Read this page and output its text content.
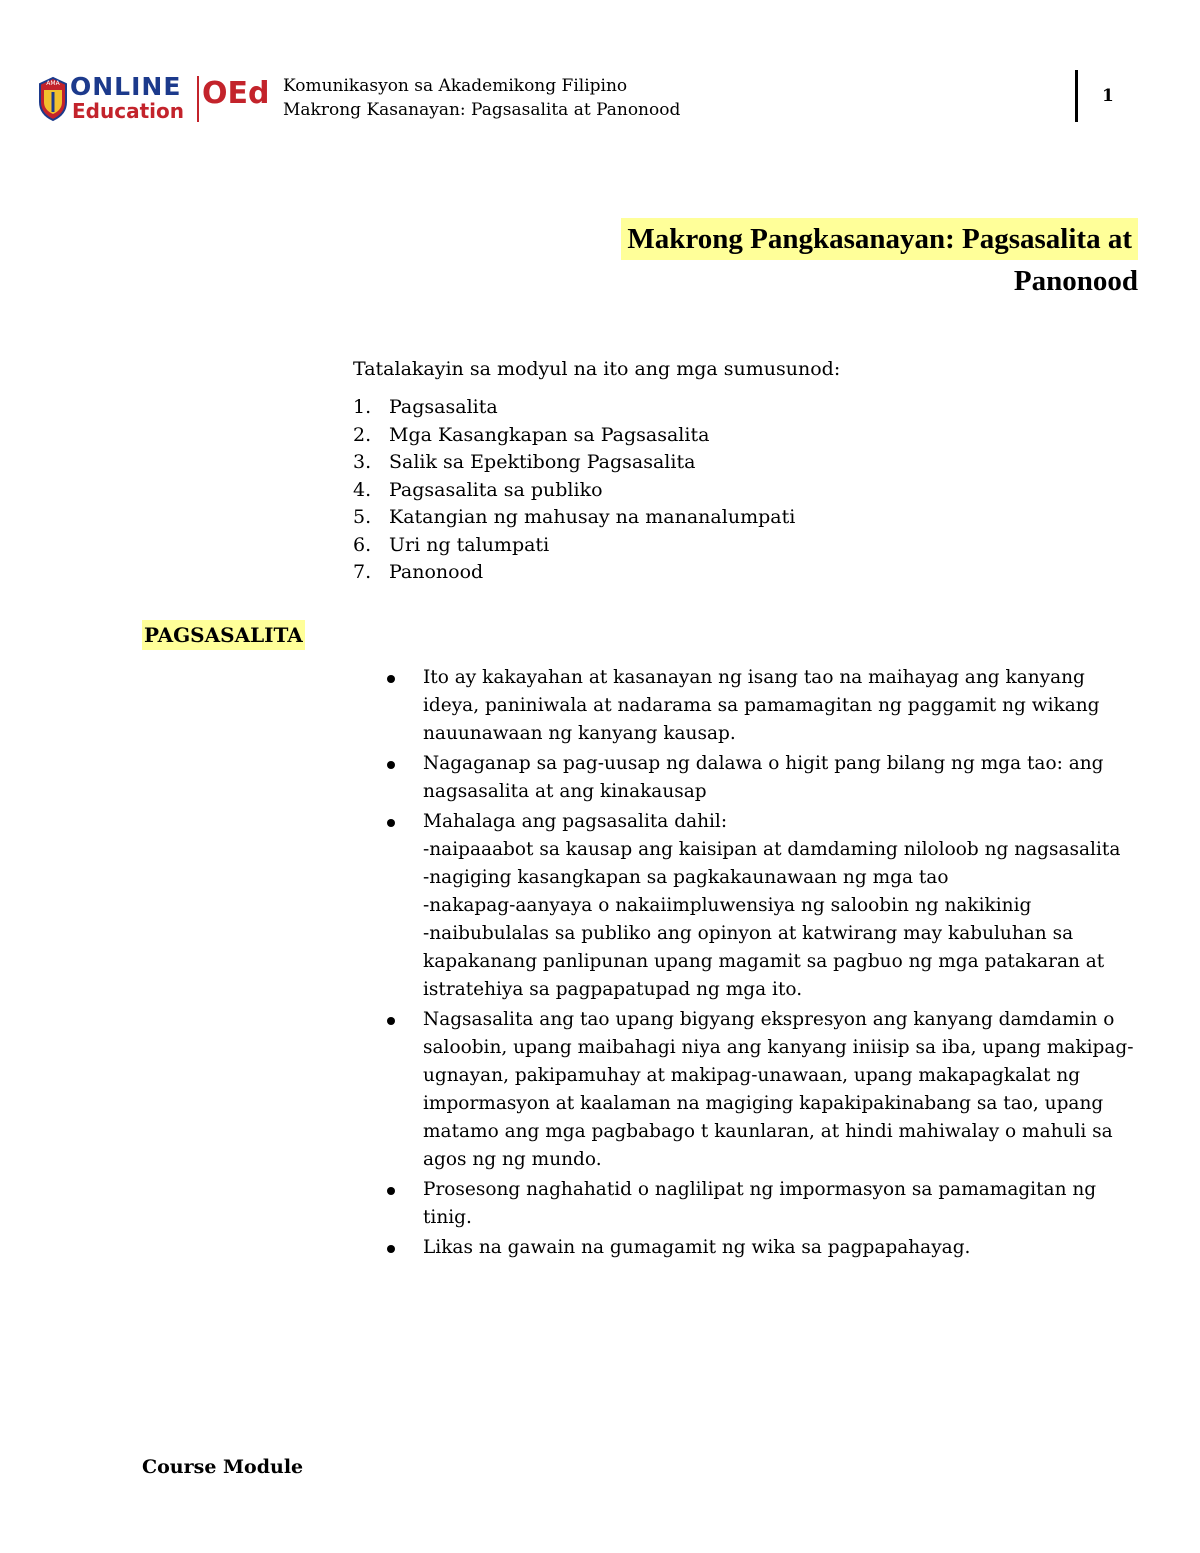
AMA ONLINE
Education OEd Komunikasyon sa Akademikong Filipino
Makrong Kasanayan: Pagsasalita at Panonood
1
Makrong Pangkasanayan: Pagsasalita at
Panonood
Tatalakayin sa modyul na ito ang mga sumusunod:
1. Pagsasalita
2. Mga Kasangkapan sa Pagsasalita
3. Salik sa Epektibong Pagsasalita
4. Pagsasalita sa publiko
5. Katangian ng mahusay na mananalumpati
6. Uri ng talumpati
7. Panonood
PAGSASALITA
Ito ay kakayahan at kasanayan ng isang tao na maihayag ang kanyang ideya, paniniwala at nadarama sa pamamagitan ng paggamit ng wikang nauunawaan ng kanyang kausap.
Nagaganap sa pag-uusap ng dalawa o higit pang bilang ng mga tao: ang nagsasalita at ang kinakausap
Mahalaga ang pagsasalita dahil:
-naipaaabot sa kausap ang kaisipan at damdaming niloloob ng nagsasalita
-nagiging kasangkapan sa pagkakaunawaan ng mga tao
-nakapag-aanyaya o nakaiimpluwensiya ng saloobin ng nakikinig
-naibubulalas sa publiko ang opinyon at katwirang may kabuluhan sa kapakanang panlipunan upang magamit sa pagbuo ng mga patakaran at istratehiya sa pagpapatupad ng mga ito.
Nagsasalita ang tao upang bigyang ekspresyon ang kanyang damdamin o saloobin, upang maibahagi niya ang kanyang iniisip sa iba, upang makipag-ugnayan, pakipamuhay at makipag-unawaan, upang makapagkalat ng impormasyon at kaalaman na magiging kapakipakinabang sa tao, upang matamo ang mga pagbabago t kaunlaran, at hindi mahiwalay o mahuli sa agos ng ng mundo.
Prosesong naghahatid o naglilipat ng impormasyon sa pamamagitan ng tinig.
Likas na gawain na gumagamit ng wika sa pagpapahayag.
Course Module
